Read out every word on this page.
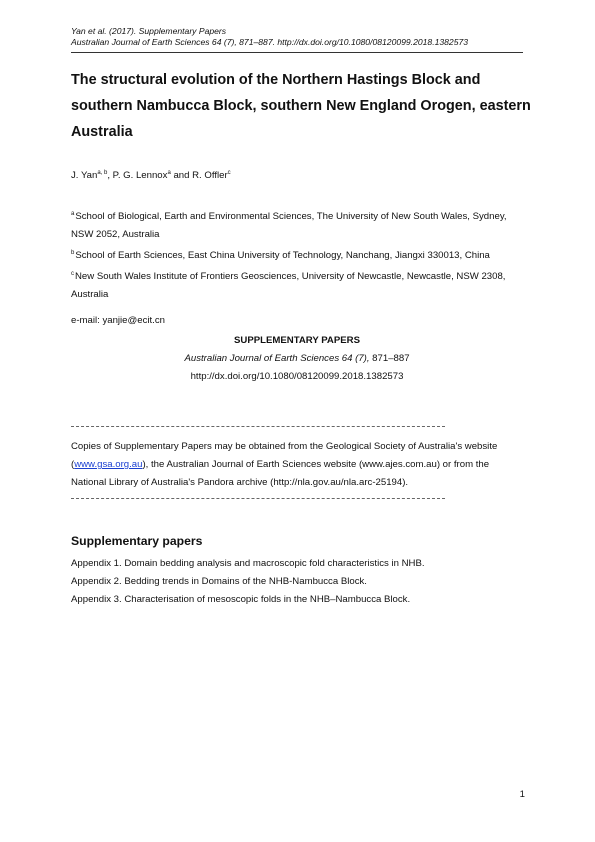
Yan et al. (2017). Supplementary Papers
Australian Journal of Earth Sciences 64 (7), 871–887. http://dx.doi.org/10.1080/08120099.2018.1382573
The structural evolution of the Northern Hastings Block and southern Nambucca Block, southern New England Orogen, eastern Australia
J. Yan$^{a, b}$, P. G. Lennox$^a$ and R. Offler$^c$
$^a$School of Biological, Earth and Environmental Sciences, The University of New South Wales, Sydney, NSW 2052, Australia
$^b$School of Earth Sciences, East China University of Technology, Nanchang, Jiangxi 330013, China
$^c$New South Wales Institute of Frontiers Geosciences, University of Newcastle, Newcastle, NSW 2308, Australia
e-mail: yanjie@ecit.cn
SUPPLEMENTARY PAPERS
Australian Journal of Earth Sciences 64 (7), 871–887
http://dx.doi.org/10.1080/08120099.2018.1382573
Copies of Supplementary Papers may be obtained from the Geological Society of Australia's website (www.gsa.org.au), the Australian Journal of Earth Sciences website (www.ajes.com.au) or from the National Library of Australia's Pandora archive (http://nla.gov.au/nla.arc-25194).
Supplementary papers
Appendix 1. Domain bedding analysis and macroscopic fold characteristics in NHB.
Appendix 2. Bedding trends in Domains of the NHB-Nambucca Block.
Appendix 3. Characterisation of mesoscopic folds in the NHB–Nambucca Block.
1
